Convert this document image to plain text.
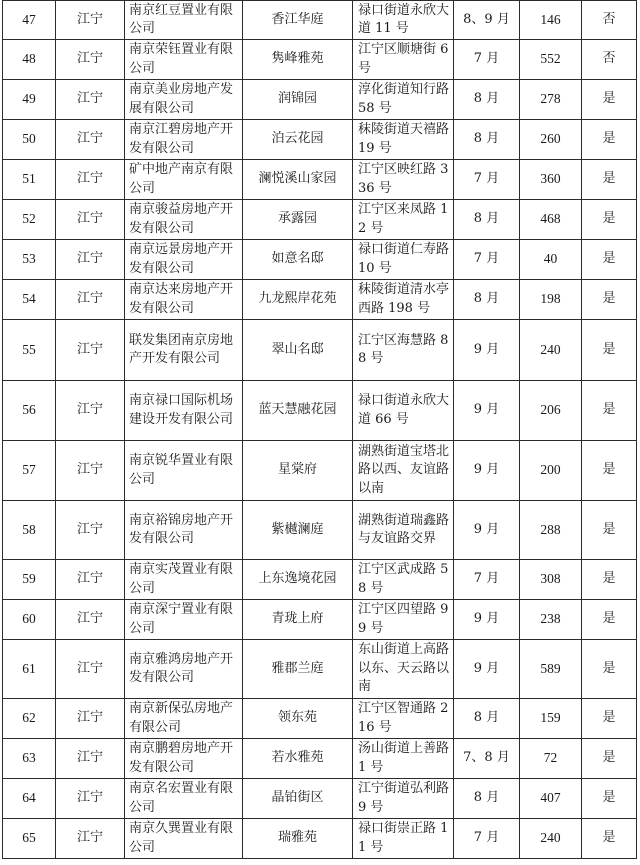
47	江宁	南京红豆置业有限公司	香江华庭	禄口街道永欣大道 11 号	8、9 月	146	否
48	江宁	南京荣钰置业有限公司	隽峰雅苑	江宁区顺塘街 6 号	7 月	552	否
49	江宁	南京美业房地产发展有限公司	润锦园	淳化街道知行路 58 号	8 月	278	是
50	江宁	南京江碧房地产开发有限公司	泊云花园	秣陵街道天禧路 19 号	8 月	260	是
51	江宁	矿中地产南京有限公司	澜悦溪山家园	江宁区映红路 336 号	7 月	360	是
52	江宁	南京骏益房地产开发有限公司	承露园	江宁区来凤路 12 号	8 月	468	是
53	江宁	南京远景房地产开发有限公司	如意名邸	禄口街道仁寿路 10 号	7 月	40	是
54	江宁	南京达来房地产开发有限公司	九龙熙岸花苑	秣陵街道清水亭西路 198 号	8 月	198	是
55	江宁	联发集团南京房地产开发有限公司	翠山名邸	江宁区海慧路 88 号	9 月	240	是
56	江宁	南京禄口国际机场建设开发有限公司	蓝天慧融花园	禄口街道永欣大道 66 号	9 月	206	是
57	江宁	南京锐华置业有限公司	星棠府	湖熟街道宝塔北路以西、友谊路以南	9 月	200	是
58	江宁	南京裕锦房地产开发有限公司	紫樾澜庭	湖熟街道瑞鑫路与友谊路交界	9 月	288	是
59	江宁	南京实茂置业有限公司	上东逸境花园	江宁区武成路 58 号	7 月	308	是
60	江宁	南京深宁置业有限公司	青珑上府	江宁区四望路 99 号	9 月	238	是
61	江宁	南京雅鸿房地产开发有限公司	雅郡兰庭	东山街道上高路以东、天云路以南	9 月	589	是
62	江宁	南京新保弘房地产有限公司	领东苑	江宁区智通路 216 号	8 月	159	是
63	江宁	南京鹏碧房地产开发有限公司	若水雅苑	汤山街道上善路 1 号	7、8 月	72	是
64	江宁	南京名宏置业有限公司	晶铂街区	江宁街道弘利路 9 号	8 月	407	是
65	江宁	南京久巽置业有限公司	瑞雅苑	禄口街崇正路 11 号	7 月	240	是
